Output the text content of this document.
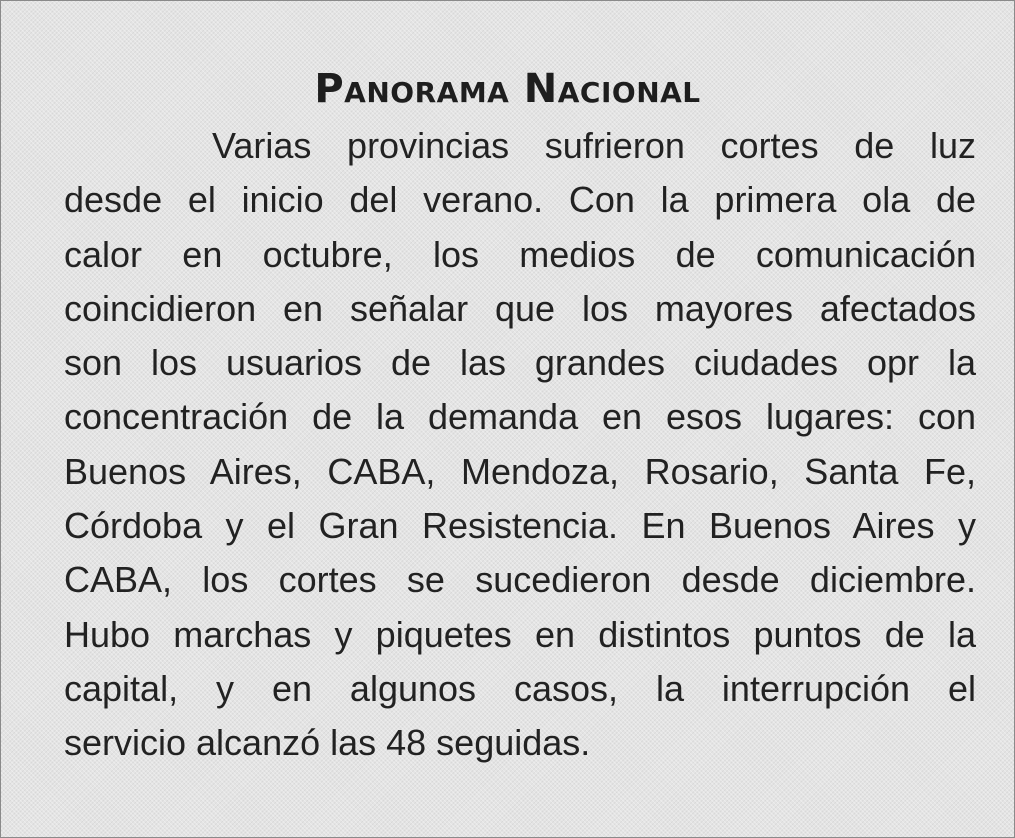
Panorama Nacional
Varias provincias sufrieron cortes de luz
desde el inicio del verano. Con la primera ola de
calor en octubre, los medios de comunicación
coincidieron en señalar que los mayores afectados
son los usuarios de las grandes ciudades opr la
concentración de la demanda en esos lugares: con
Buenos Aires, CABA, Mendoza, Rosario, Santa Fe,
Córdoba y el Gran Resistencia. En Buenos Aires y
CABA, los cortes se sucedieron desde diciembre.
Hubo marchas y piquetes en distintos puntos de la
capital, y en algunos casos, la interrupción el
servicio alcanzó las 48 seguidas.
